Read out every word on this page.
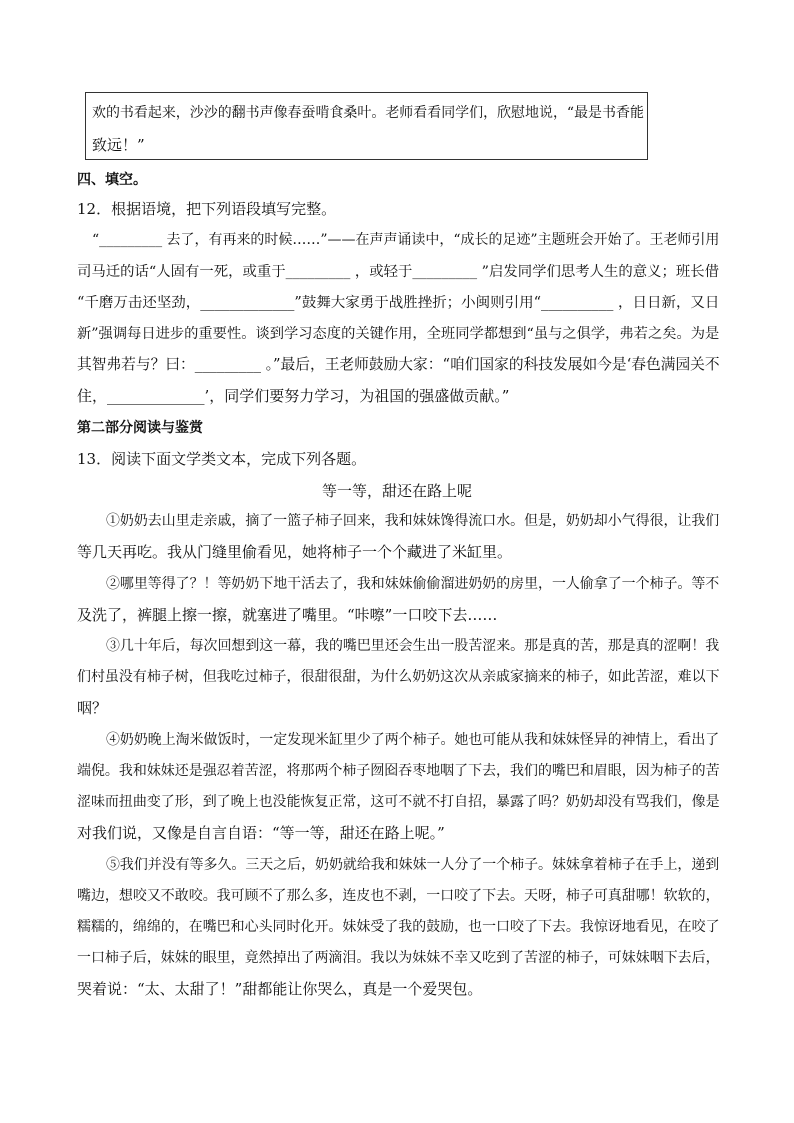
欢的书看起来，沙沙的翻书声像春蚕啃食桑叶。老师看看同学们，欣慰地说，“最是书香能
致远！”
四、填空。
12．根据语境，把下列语段填写完整。
“_________ 去了，有再来的时候……”——在声声诵读中，“成长的足迹”主题班会开始了。王老师引用
司马迁的话“人固有一死，或重于_________ ，或轻于_________ ”启发同学们思考人生的意义；班长借
“千磨万击还坚劲，_____________”鼓舞大家勇于战胜挫折；小闽则引用“__________ ，日日新，又日
新”强调每日进步的重要性。谈到学习态度的关键作用，全班同学都想到“虽与之俱学，弗若之矣。为是
其智弗若与？曰：_________ 。”最后，王老师鼓励大家：“咱们国家的科技发展如今是‘春色满园关不
住，_____________’，同学们要努力学习，为祖国的强盛做贡献。”
第二部分阅读与鉴赏
13．阅读下面文学类文本，完成下列各题。
等一等，甜还在路上呢
①奶奶去山里走亲戚，摘了一篮子柿子回来，我和妹妹馋得流口水。但是，奶奶却小气得很，让我们
等几天再吃。我从门缝里偷看见，她将柿子一个个藏进了米缸里。
②哪里等得了？！等奶奶下地干活去了，我和妹妹偷偷溜进奶奶的房里，一人偷拿了一个柿子。等不
及洗了，裤腿上擦一擦，就塞进了嘴里。“咔嚓”一口咬下去……
③几十年后，每次回想到这一幕，我的嘴巴里还会生出一股苦涩来。那是真的苦，那是真的涩啊！我
们村虽没有柿子树，但我吃过柿子，很甜很甜，为什么奶奶这次从亲戚家摘来的柿子，如此苦涩，难以下
咽？
④奶奶晚上淘米做饭时，一定发现米缸里少了两个柿子。她也可能从我和妹妹怪异的神情上，看出了
端倪。我和妹妹还是强忍着苦涩，将那两个柿子囫囵吞枣地咽了下去，我们的嘴巴和眉眼，因为柿子的苦
涩味而扭曲变了形，到了晚上也没能恢复正常，这可不就不打自招，暴露了吗？奶奶却没有骂我们，像是
对我们说，又像是自言自语：“等一等，甜还在路上呢。”
⑤我们并没有等多久。三天之后，奶奶就给我和妹妹一人分了一个柿子。妹妹拿着柿子在手上，递到
嘴边，想咬又不敢咬。我可顾不了那么多，连皮也不剥，一口咬了下去。天呀，柿子可真甜哪！软软的，
糯糯的，绵绵的，在嘴巴和心头同时化开。妹妹受了我的鼓励，也一口咬了下去。我惊讶地看见，在咬了
一口柿子后，妹妹的眼里，竟然掉出了两滴泪。我以为妹妹不幸又吃到了苦涩的柿子，可妹妹咽下去后，
哭着说：“太、太甜了！”甜都能让你哭么，真是一个爱哭包。
